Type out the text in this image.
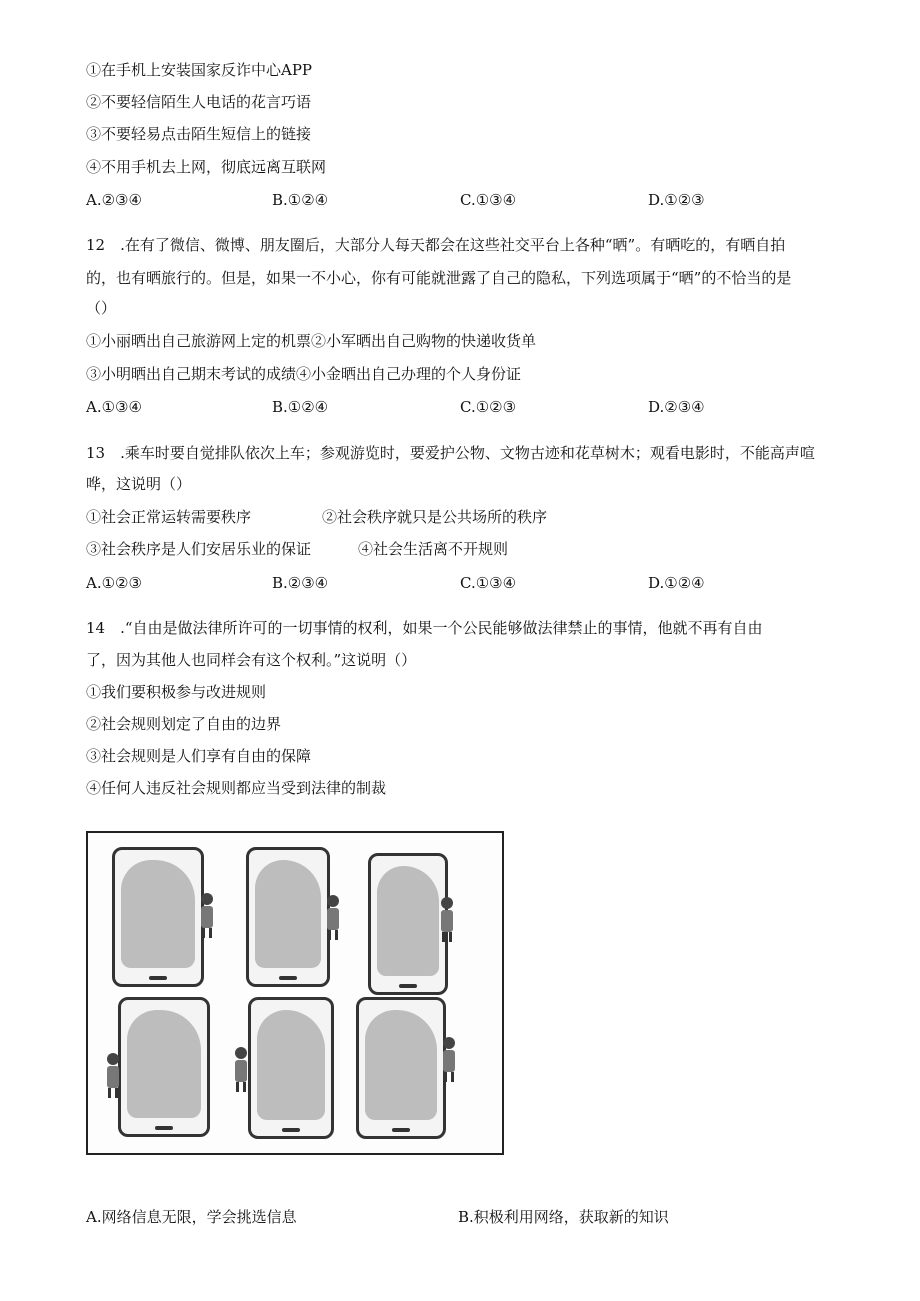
①在手机上安装国家反诈中心APP
②不要轻信陌生人电话的花言巧语
③不要轻易点击陌生短信上的链接
④不用手机去上网，彻底远离互联网
A.②③④	B.①②④	C.①③④	D.①②③
12　.在有了微信、微博、朋友圈后，大部分人每天都会在这些社交平台上各种“晒”。有晒吃的，有晒自拍
的，也有晒旅行的。但是，如果一不小心，你有可能就泄露了自己的隐私，下列选项属于“晒”的不恰当的是
（）
①小丽晒出自己旅游网上定的机票②小军晒出自己购物的快递收货单
③小明晒出自己期末考试的成绩④小金晒出自己办理的个人身份证
A.①③④	B.①②④	C.①②③	D.②③④
13　.乘车时要自觉排队依次上车；参观游览时，要爱护公物、文物古迹和花草树木；观看电影时，不能高声喧
哗，这说明（）
①社会正常运转需要秩序	②社会秩序就只是公共场所的秩序
③社会秩序是人们安居乐业的保证	④社会生活离不开规则
A.①②③	B.②③④	C.①③④	D.①②④
14　.“自由是做法律所许可的一切事情的权利，如果一个公民能够做法律禁止的事情，他就不再有自由
了，因为其他人也同样会有这个权利。”这说明（）
①我们要积极参与改进规则
②社会规则划定了自由的边界
③社会规则是人们享有自由的保障
④任何人违反社会规则都应当受到法律的制裁
A.网络信息无限，学会挑选信息	B.积极利用网络，获取新的知识
